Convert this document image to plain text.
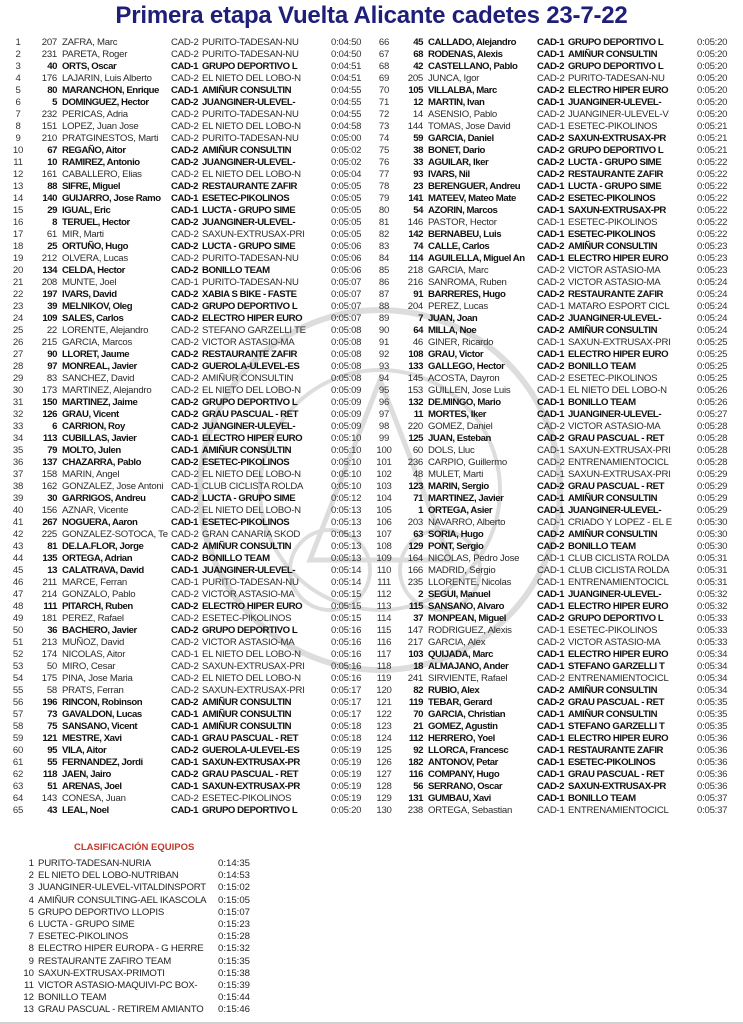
Primera etapa Vuelta Alicante cadetes 23-7-22
1	207 ZAFRA, Marc	CAD-2 PURITO-TADESAN-NU	0:04:50
2	231 PARETA, Roger	CAD-2 PURITO-TADESAN-NU	0:04:50
3	40 ORTS, Oscar	CAD-1 GRUPO DEPORTIVO L	0:04:51
4	176 LAJARIN, Luis Alberto CAD-2 EL NIETO DEL LOBO-N	0:04:51
5	80 MARANCHON, Enrique CAD-1 AMIÑUR CONSULTIN	0:04:55
6	5 DOMINGUEZ, Hector CAD-2 JUANGINER-ULEVEL-	0:04:55
7	232 PERICAS, Adria	CAD-2 PURITO-TADESAN-NU	0:04:55
8	151 LOPEZ, Juan Jose	CAD-2 EL NIETO DEL LOBO-N	0:04:58
9	210 PRATGINESTOS, Marti CAD-2 PURITO-TADESAN-NU	0:05:00
10	67 REGAÑO, Aitor	CAD-2 AMIÑUR CONSULTIN	0:05:02
11	10 RAMIREZ, Antonio	CAD-2 JUANGINER-ULEVEL-	0:05:02
12	161 CABALLERO, Elias	CAD-2 EL NIETO DEL LOBO-N	0:05:04
13	88 SIFRE, Miguel	CAD-2 RESTAURANTE ZAFIR	0:05:05
14	140 GUIJARRO, Jose Ramo CAD-1 ESETEC-PIKOLINOS	0:05:05
15	29 IGUAL, Eric	CAD-1 LUCTA - GRUPO SIME	0:05:05
16	8 TERUEL, Hector	CAD-2 JUANGINER-ULEVEL-	0:05:05
17	61 MIR, Marti	CAD-2 SAXUN-EXTRUSAX-PRI	0:05:05
18	25 ORTUÑO, Hugo	CAD-2 LUCTA - GRUPO SIME	0:05:06
19	212 OLVERA, Lucas	CAD-2 PURITO-TADESAN-NU	0:05:06
20	134 CELDA, Hector	CAD-2 BONILLO TEAM	0:05:06
21	208 MUNTE, Joel	CAD-1 PURITO-TADESAN-NU	0:05:07
22	197 IVARS, David	CAD-2 XABIA S BIKE - FASTE	0:05:07
23	39 MELNIKOV, Oleg	CAD-2 GRUPO DEPORTIVO L	0:05:07
24	109 SALES, Carlos	CAD-2 ELECTRO HIPER EURO	0:05:07
25	22 LORENTE, Alejandro CAD-2 STEFANO GARZELLI TE	0:05:08
26	215 GARCIA, Marcos	CAD-2 VICTOR ASTASIO-MA	0:05:08
27	90 LLORET, Jaume	CAD-2 RESTAURANTE ZAFIR	0:05:08
28	97 MONREAL, Javier	CAD-2 GUEROLA-ULEVEL-ES	0:05:08
29	83 SANCHEZ, David	CAD-2 AMIÑUR CONSULTIN	0:05:08
30	173 MARTINEZ, Alejandro CAD-2 EL NIETO DEL LOBO-N	0:05:09
31	150 MARTINEZ, Jaime	CAD-2 GRUPO DEPORTIVO L	0:05:09
32	126 GRAU, Vicent	CAD-2 GRAU PASCUAL - RET	0:05:09
33	6 CARRION, Roy	CAD-2 JUANGINER-ULEVEL-	0:05:09
34	113 CUBILLAS, Javier	CAD-1 ELECTRO HIPER EURO	0:05:10
35	79 MOLTO, Julen	CAD-1 AMIÑUR CONSULTIN	0:05:10
36	137 CHAZARRA, Pablo	CAD-2 ESETEC-PIKOLINOS	0:05:10
37	158 MARIN, Angel	CAD-2 EL NIETO DEL LOBO-N	0:05:10
38	162 GONZALEZ, Jose Antoni CAD-1 CLUB CICLISTA ROLDA	0:05:10
39	30 GARRIGOS, Andreu	CAD-2 LUCTA - GRUPO SIME	0:05:12
40	156 AZNAR, Vicente	CAD-2 EL NIETO DEL LOBO-N	0:05:13
41	267 NOGUERA, Aaron	CAD-1 ESETEC-PIKOLINOS	0:05:13
42	225 GONZALEZ-SOTOCA, Te CAD-2 GRAN CANARIA SKOD	0:05:13
43	81 DE.LA.FLOR, Jorge	CAD-2 AMIÑUR CONSULTIN	0:05:13
44	135 ORTEGA, Adrian	CAD-2 BONILLO TEAM	0:05:13
45	13 CALATRAVA, David	CAD-1 JUANGINER-ULEVEL-	0:05:14
46	211 MARCE, Ferran	CAD-1 PURITO-TADESAN-NU	0:05:14
47	214 GONZALO, Pablo	CAD-2 VICTOR ASTASIO-MA	0:05:15
48	111 PITARCH, Ruben	CAD-2 ELECTRO HIPER EURO	0:05:15
49	181 PEREZ, Rafael	CAD-2 ESETEC-PIKOLINOS	0:05:15
50	36 BACHERO, Javier	CAD-2 GRUPO DEPORTIVO L	0:05:16
51	213 MUÑOZ, David	CAD-2 VICTOR ASTASIO-MA	0:05:16
52	174 NICOLAS, Aitor	CAD-1 EL NIETO DEL LOBO-N	0:05:16
53	50 MIRO, Cesar	CAD-2 SAXUN-EXTRUSAX-PRI	0:05:16
54	175 PINA, Jose Maria	CAD-2 EL NIETO DEL LOBO-N	0:05:16
55	58 PRATS, Ferran	CAD-2 SAXUN-EXTRUSAX-PRI	0:05:17
56	196 RINCON, Robinson	CAD-2 AMIÑUR CONSULTIN	0:05:17
57	73 GAVALDON, Lucas	CAD-1 AMIÑUR CONSULTIN	0:05:17
58	75 SANSANO, Vicent	CAD-1 AMIÑUR CONSULTIN	0:05:18
59	121 MESTRE, Xavi	CAD-1 GRAU PASCUAL - RET	0:05:18
60	95 VILA, Aitor	CAD-2 GUEROLA-ULEVEL-ES	0:05:19
61	55 FERNANDEZ, Jordi	CAD-1 SAXUN-EXTRUSAX-PR	0:05:19
62	118 JAEN, Jairo	CAD-2 GRAU PASCUAL - RET	0:05:19
63	51 ARENAS, Joel	CAD-1 SAXUN-EXTRUSAX-PR	0:05:19
64	143 CONESA, Juan	CAD-2 ESETEC-PIKOLINOS	0:05:19
65	43 LEAL, Noel	CAD-1 GRUPO DEPORTIVO L	0:05:20
66	45 CALLADO, Alejandro CAD-1 GRUPO DEPORTIVO L	0:05:20
67	68 RODENAS, Alexis	CAD-1 AMIÑUR CONSULTIN	0:05:20
68	42 CASTELLANO, Pablo CAD-2 GRUPO DEPORTIVO L	0:05:20
69	205 JUNCA, Igor	CAD-2 PURITO-TADESAN-NU	0:05:20
70	105 VILLALBA, Marc	CAD-2 ELECTRO HIPER EURO	0:05:20
71	12 MARTIN, Ivan	CAD-1 JUANGINER-ULEVEL-	0:05:20
72	14 ASENSIO, Pablo	CAD-2 JUANGINER-ULEVEL-V	0:05:20
73	144 TOMAS, Jose David	CAD-1 ESETEC-PIKOLINOS	0:05:21
74	59 GARCIA, Daniel	CAD-2 SAXUN-EXTRUSAX-PR	0:05:21
75	38 BONET, Dario	CAD-2 GRUPO DEPORTIVO L	0:05:21
76	33 AGUILAR, Iker	CAD-2 LUCTA - GRUPO SIME	0:05:22
77	93 IVARS, Nil	CAD-2 RESTAURANTE ZAFIR	0:05:22
78	23 BERENGUER, Andreu CAD-1 LUCTA - GRUPO SIME	0:05:22
79	141 MATEEV, Mateo Mate CAD-2 ESETEC-PIKOLINOS	0:05:22
80	54 AZORIN, Marcos	CAD-1 SAXUN-EXTRUSAX-PR	0:05:22
81	146 PASTOR, Hector	CAD-1 ESETEC-PIKOLINOS	0:05:22
82	142 BERNABEU, Luis	CAD-1 ESETEC-PIKOLINOS	0:05:22
83	74 CALLE, Carlos	CAD-2 AMIÑUR CONSULTIN	0:05:23
84	114 AGUILELLA, Miguel An CAD-1 ELECTRO HIPER EURO	0:05:23
85	218 GARCIA, Marc	CAD-2 VICTOR ASTASIO-MA	0:05:23
86	216 SANROMA, Ruben	CAD-2 VICTOR ASTASIO-MA	0:05:24
87	91 BARRERES, Hugo	CAD-2 RESTAURANTE ZAFIR	0:05:24
88	204 PEREZ, Lucas	CAD-1 MATARO ESPORT CICL	0:05:24
89	7 JUAN, Joan	CAD-2 JUANGINER-ULEVEL-	0:05:24
90	64 MILLA, Noe	CAD-2 AMIÑUR CONSULTIN	0:05:24
91	46 GINER, Ricardo	CAD-1 SAXUN-EXTRUSAX-PRI	0:05:25
92	108 GRAU, Victor	CAD-1 ELECTRO HIPER EURO	0:05:25
93	133 GALLEGO, Hector	CAD-2 BONILLO TEAM	0:05:25
94	145 ACOSTA, Dayron	CAD-2 ESETEC-PIKOLINOS	0:05:25
95	153 GUILLEN, Jose Luis	CAD-1 EL NIETO DEL LOBO-N	0:05:26
96	132 DE.MINGO, Mario	CAD-1 BONILLO TEAM	0:05:26
97	11 MORTES, Iker	CAD-1 JUANGINER-ULEVEL-	0:05:27
98	220 GOMEZ, Daniel	CAD-2 VICTOR ASTASIO-MA	0:05:28
99	125 JUAN, Esteban	CAD-2 GRAU PASCUAL - RET	0:05:28
100	60 DOLS, Lluc	CAD-1 SAXUN-EXTRUSAX-PRI	0:05:28
101	236 CARPIO, Guillermo	CAD-2 ENTRENAMIENTOCICL	0:05:28
102	48 MULET, Marti	CAD-1 SAXUN-EXTRUSAX-PRI	0:05:29
103	123 MARIN, Sergio	CAD-2 GRAU PASCUAL - RET	0:05:29
104	71 MARTINEZ, Javier	CAD-1 AMIÑUR CONSULTIN	0:05:29
105	1 ORTEGA, Asier	CAD-1 JUANGINER-ULEVEL-	0:05:29
106	203 NAVARRO, Alberto	CAD-1 CRIADO Y LOPEZ - EL E	0:05:30
107	63 SORIA, Hugo	CAD-2 AMIÑUR CONSULTIN	0:05:30
108	129 PONT, Sergio	CAD-2 BONILLO TEAM	0:05:30
109	164 NICOLAS, Pedro Jose CAD-1 CLUB CICLISTA ROLDA	0:05:31
110	166 MADRID, Sergio	CAD-1 CLUB CICLISTA ROLDA	0:05:31
111	235 LLORENTE, Nicolas	CAD-1 ENTRENAMIENTOCICL	0:05:31
112	2 SEGUI, Manuel	CAD-1 JUANGINER-ULEVEL-	0:05:32
113	115 SANSANO, Alvaro	CAD-1 ELECTRO HIPER EURO	0:05:32
114	37 MONPEAN, Miguel	CAD-2 GRUPO DEPORTIVO L	0:05:33
115	147 RODRIGUEZ, Alexis	CAD-1 ESETEC-PIKOLINOS	0:05:33
116	217 GARCIA, Alex	CAD-2 VICTOR ASTASIO-MA	0:05:33
117	103 QUIJADA, Marc	CAD-1 ELECTRO HIPER EURO	0:05:34
118	18 ALMAJANO, Ander	CAD-1 STEFANO GARZELLI T	0:05:34
119	241 SIRVIENTE, Rafael	CAD-2 ENTRENAMIENTOCICL	0:05:34
120	82 RUBIO, Alex	CAD-2 AMIÑUR CONSULTIN	0:05:34
121	119 TEBAR, Gerard	CAD-2 GRAU PASCUAL - RET	0:05:35
122	70 GARCIA, Christian	CAD-1 AMIÑUR CONSULTIN	0:05:35
123	21 GOMEZ, Agustin	CAD-1 STEFANO GARZELLI T	0:05:35
124	112 HERRERO, Yoel	CAD-1 ELECTRO HIPER EURO	0:05:36
125	92 LLORCA, Francesc	CAD-1 RESTAURANTE ZAFIR	0:05:36
126	182 ANTONOV, Petar	CAD-1 ESETEC-PIKOLINOS	0:05:36
127	116 COMPANY, Hugo	CAD-1 GRAU PASCUAL - RET	0:05:36
128	56 SERRANO, Oscar	CAD-2 SAXUN-EXTRUSAX-PR	0:05:36
129	131 GUMBAU, Xavi	CAD-1 BONILLO TEAM	0:05:37
130	238 ORTEGA, Sebastian	CAD-1 ENTRENAMIENTOCICL	0:05:37
CLASIFICACIÓN EQUIPOS
1 PURITO-TADESAN-NURIA	0:14:35
2 EL NIETO DEL LOBO-NUTRIBAN	0:14:53
3 JUANGINER-ULEVEL-VITALDINSPORT 0:15:02
4 AMIÑUR CONSULTING-AEL IKASCOLA 0:15:05
5 GRUPO DEPORTIVO LLOPIS	0:15:07
6 LUCTA - GRUPO SIME	0:15:23
7 ESETEC-PIKOLINOS	0:15:28
8 ELECTRO HIPER EUROPA - G HERRE 0:15:32
9 RESTAURANTE ZAFIRO TEAM	0:15:35
10 SAXUN-EXTRUSAX-PRIMOTI	0:15:38
11 VICTOR ASTASIO-MAQUIVI-PC BOX- 0:15:39
12 BONILLO TEAM	0:15:44
13 GRAU PASCUAL - RETIREM AMIANTO 0:15:46
